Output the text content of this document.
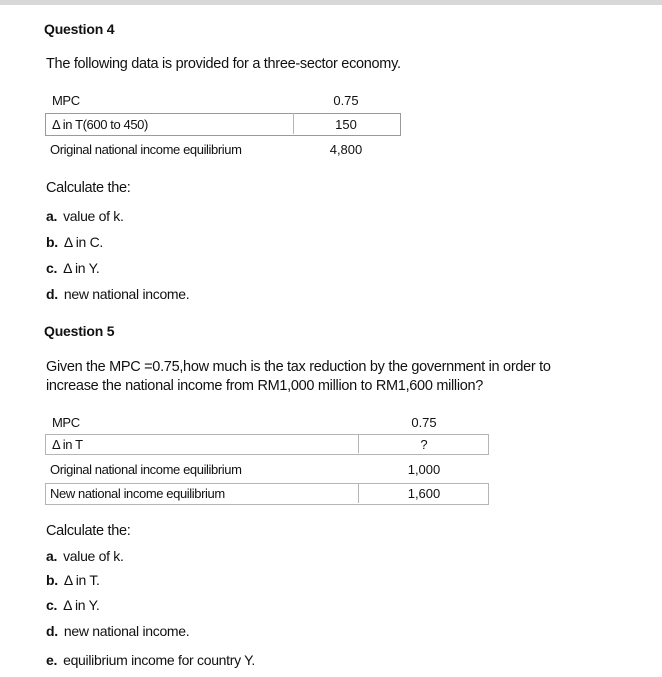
Question 4
The following data is provided for a three-sector economy.
MPC	0.75
Δ in T(600 to 450)	150
Original national income equilibrium	4,800
Calculate the:
a. value of k.
b. Δ in C.
c. Δ in Y.
d. new national income.
Question 5
Given the MPC =0.75,how much is the tax reduction by the government in order to
increase the national income from RM1,000 million to RM1,600 million?
MPC	0.75
Δ in T	?
Original national income equilibrium	1,000
New national income equilibrium	1,600
Calculate the:
a. value of k.
b. Δ in T.
c. Δ in Y.
d. new national income.
e. equilibrium income for country Y.
